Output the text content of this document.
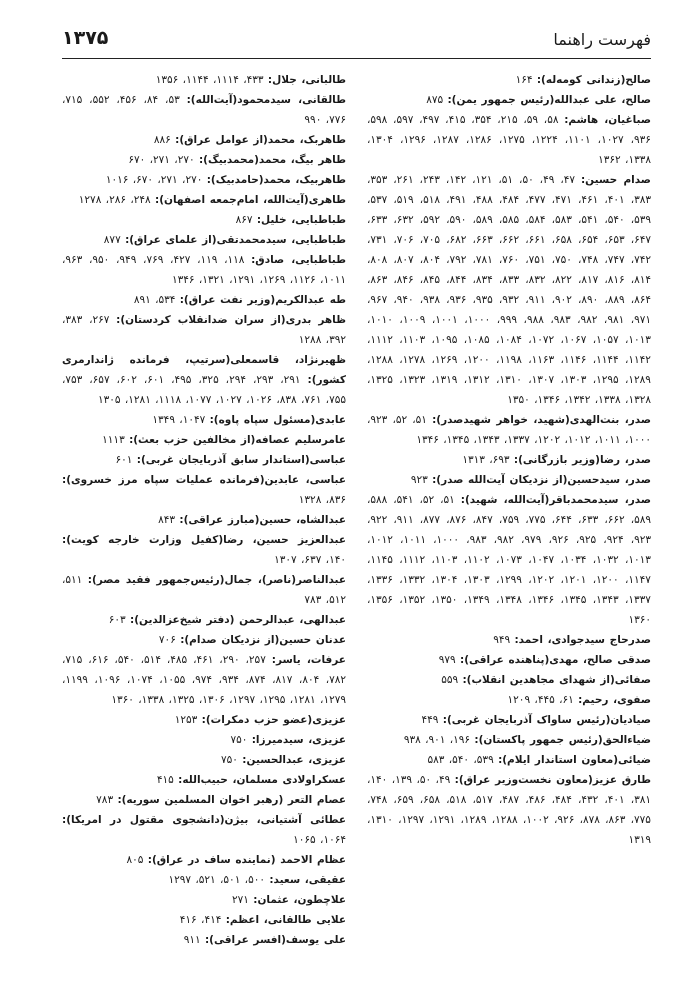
فهرست راهنما
۱۳۷۵

صالح(زندانی کومه‌له): ۱۶۴

صالح، علی عبدالله(رئیس جمهور یمن): ۸۷۵

صباغیان، هاشم: ۵۸، ۵۹، ۲۱۵، ۳۵۴، ۴۱۵، ۴۹۷، ۵۹۷، ۵۹۸، ۹۳۶، ۱۰۲۷، ۱۱۰۱، ۱۲۲۴، ۱۲۷۵، ۱۲۸۶، ۱۲۸۷، ۱۲۹۶، ۱۳۰۴، ۱۳۳۸، ۱۳۶۲

صدام حسین: ۴۷، ۴۹، ۵۰، ۵۱، ۱۲۱، ۱۴۲، ۲۴۳، ۲۶۱، ۳۵۳، ۳۸۳، ۴۰۱، ۴۶۱، ۴۷۱، ۴۷۷، ۴۸۴، ۴۸۸، ۴۹۱، ۵۱۸، ۵۱۹، ۵۳۷، ۵۳۹، ۵۴۰، ۵۴۱، ۵۸۳، ۵۸۴، ۵۸۵، ۵۸۹، ۵۹۰، ۵۹۲، ۶۳۲، ۶۳۳، ۶۴۷، ۶۵۳، ۶۵۴، ۶۵۸، ۶۶۱، ۶۶۲، ۶۶۳، ۶۸۲، ۷۰۵، ۷۰۶، ۷۳۱، ۷۴۲، ۷۴۷، ۷۴۸، ۷۵۰، ۷۵۱، ۷۶۰، ۷۸۱، ۷۹۲، ۸۰۴، ۸۰۷، ۸۰۸، ۸۱۴، ۸۱۶، ۸۱۷، ۸۲۲، ۸۳۲، ۸۳۳، ۸۳۴، ۸۴۴، ۸۴۵، ۸۴۶، ۸۶۳، ۸۶۴، ۸۸۹، ۸۹۰، ۹۰۲، ۹۱۱، ۹۳۲، ۹۳۵، ۹۳۶، ۹۳۸، ۹۴۰، ۹۶۷، ۹۷۱، ۹۸۱، ۹۸۲، ۹۸۳، ۹۸۸، ۹۹۹، ۱۰۰۰، ۱۰۰۱، ۱۰۰۹، ۱۰۱۰، ۱۰۱۳، ۱۰۵۷، ۱۰۶۷، ۱۰۷۲، ۱۰۸۴، ۱۰۸۵، ۱۰۹۵، ۱۱۰۳، ۱۱۱۲، ۱۱۴۲، ۱۱۴۴، ۱۱۴۶، ۱۱۶۳، ۱۱۹۸، ۱۲۰۰، ۱۲۶۹، ۱۲۷۸، ۱۲۸۸، ۱۲۸۹، ۱۲۹۵، ۱۳۰۳، ۱۳۰۷، ۱۳۱۰، ۱۳۱۲، ۱۳۱۹، ۱۳۲۳، ۱۳۲۵، ۱۳۲۸، ۱۳۳۸، ۱۳۴۲، ۱۳۴۶، ۱۳۵۰

صدر، بنت‌الهدی(شهید، خواهر شهیدصدر): ۵۱، ۵۲، ۹۲۳، ۱۰۰۰، ۱۰۱۱، ۱۰۱۲، ۱۲۰۲، ۱۳۳۷، ۱۳۴۳، ۱۳۴۵، ۱۳۴۶

صدر، رضا(وزیر بازرگانی): ۶۹۳، ۱۳۱۳

صدر، سیدحسین(از نزدیکان آیت‌الله صدر): ۹۲۳

صدر، سیدمحمدباقر(آیت‌الله، شهید): ۵۱، ۵۲، ۵۴۱، ۵۸۸، ۵۸۹، ۶۶۲، ۶۳۳، ۶۴۴، ۷۷۵، ۷۵۹، ۸۴۷، ۸۷۶، ۸۷۷، ۹۱۱، ۹۲۲، ۹۲۳، ۹۲۴، ۹۲۵، ۹۲۶، ۹۷۹، ۹۸۲، ۹۸۳، ۱۰۰۰، ۱۰۱۱، ۱۰۱۲، ۱۰۱۳، ۱۰۳۲، ۱۰۳۴، ۱۰۴۷، ۱۰۷۳، ۱۱۰۲، ۱۱۰۳، ۱۱۱۲، ۱۱۴۵، ۱۱۴۷، ۱۲۰۰، ۱۲۰۱، ۱۲۰۲، ۱۲۹۹، ۱۳۰۳، ۱۳۰۴، ۱۳۳۲، ۱۳۳۶، ۱۳۳۷، ۱۳۴۳، ۱۳۴۵، ۱۳۴۶، ۱۳۴۸، ۱۳۴۹، ۱۳۵۰، ۱۳۵۲، ۱۳۵۶، ۱۳۶۰

صدرحاج سیدجوادی، احمد: ۹۴۹

صدقی صالح، مهدی(پناهنده عراقی): ۹۷۹

صفائی(از شهدای مجاهدین انقلاب): ۵۵۹

صفوی، رحیم: ۶۱، ۴۴۵، ۱۲۰۹

صیادیان(رئیس ساواک آذربایجان غربی): ۴۴۹

ضیاءالحق(رئیس جمهور پاکستان): ۱۹۶، ۹۰۱، ۹۳۸

ضیائی(معاون استاندار ایلام): ۵۳۹، ۵۴۰، ۵۸۳

طارق عزیز(معاون نخست‌وزیر عراق): ۴۹، ۵۰، ۱۳۹، ۱۴۰، ۳۸۱، ۴۰۱، ۴۳۲، ۴۸۴، ۴۸۶، ۴۸۷، ۵۱۷، ۵۱۸، ۶۵۸، ۶۵۹، ۷۴۸، ۷۷۵، ۸۶۳، ۸۷۸، ۹۲۶، ۱۰۰۲، ۱۲۸۸، ۱۲۸۹، ۱۲۹۱، ۱۲۹۷، ۱۳۱۰، ۱۳۱۹

طالبانی، جلال: ۴۳۳، ۱۱۱۴، ۱۱۴۴، ۱۳۵۶

طالقانی، سیدمحمود(آیت‌الله): ۵۳، ۸۴، ۴۵۶، ۵۵۲، ۷۱۵، ۷۷۶، ۹۹۰

طاهربک، محمد(از عوامل عراق): ۸۸۶

طاهر بیگ، محمد(محمدبیگ): ۲۷۰، ۲۷۱، ۶۷۰

طاهربیک، محمد(حامدبیک): ۲۷۰، ۲۷۱، ۶۷۰، ۱۰۱۶

طاهری(آیت‌الله، امام‌جمعه اصفهان): ۲۴۸، ۲۸۶، ۱۲۷۸

طباطبایی، خلیل: ۸۶۷

طباطبایی، سیدمحمدتقی(از علمای عراق): ۸۷۷

طباطبایی، صادق: ۱۱۸، ۱۱۹، ۴۲۷، ۷۶۹، ۹۴۹، ۹۵۰، ۹۶۳، ۱۰۱۱، ۱۱۲۶، ۱۲۶۹، ۱۲۹۱، ۱۳۲۱، ۱۳۴۶

طه عبدالکریم(وزیر نفت عراق): ۵۳۴، ۸۹۱

ظاهر بدری(از سران ضدانقلاب کردستان): ۲۶۷، ۳۸۳، ۳۹۲، ۱۲۸۸

ظهیرنژاد، قاسمعلی(سرتیپ، فرمانده ژاندارمری کشور): ۲۹۱، ۲۹۳، ۲۹۴، ۳۲۵، ۴۹۵، ۶۰۱، ۶۰۲، ۶۵۷، ۷۵۳، ۷۵۵، ۷۶۱، ۸۳۸، ۱۰۲۶، ۱۰۲۷، ۱۰۷۷، ۱۱۱۸، ۱۲۸۱، ۱۳۰۵

عابدی(مسئول سپاه پاوه): ۱۰۴۷، ۱۳۴۹

عامرسلیم عصافه(از مخالفین حزب بعث): ۱۱۱۳

عباسی(استاندار سابق آذربایجان غربی): ۶۰۱

عباسی، عابدین(فرمانده عملیات سپاه مرز خسروی): ۸۳۶، ۱۳۲۸

عبدالشاه، حسین(مبارز عراقی): ۸۴۳

عبدالعزیز حسین، رضا(کفیل وزارت خارجه کویت): ۱۴۰، ۶۳۷، ۱۳۰۷

عبدالناصر(ناصر)، جمال(رئیس‌جمهور فقید مصر): ۵۱۱، ۵۱۲، ۷۸۳

عبدالهی، عبدالرحمن (دفتر شیخ‌عزالدین): ۶۰۳

عدنان حسین(از نزدیکان صدام): ۷۰۶

عرفات، یاسر: ۲۵۷، ۲۹۰، ۴۶۱، ۴۸۵، ۵۱۴، ۵۴۰، ۶۱۶، ۷۱۵، ۷۸۲، ۸۰۴، ۸۱۷، ۸۷۴، ۹۳۴، ۹۷۴، ۱۰۵۵، ۱۰۷۴، ۱۰۹۶، ۱۱۹۹، ۱۲۷۹، ۱۲۸۱، ۱۲۹۵، ۱۲۹۷، ۱۳۰۶، ۱۳۲۵، ۱۳۳۸، ۱۳۶۰

عزیزی(عضو حزب دمکرات): ۱۲۵۳

عزیزی، سیدمیرزا: ۷۵۰

عزیزی، عبدالحسین: ۷۵۰

عسکراولادی مسلمان، حبیب‌الله: ۴۱۵

عصام التعر (رهبر اخوان المسلمین سوریه): ۷۸۳

عطائی آشتیانی، بیژن(دانشجوی مقتول در امریکا): ۱۰۶۴، ۱۰۶۵

عظام الاحمد (نماینده ساف در عراق): ۸۰۵

عقیقی، سعید: ۵۰۰، ۵۰۱، ۵۲۱، ۱۲۹۷

علاچطون، عثمان: ۲۷۱

علایی طالقانی، اعظم: ۴۱۴، ۴۱۶

علی یوسف(افسر عراقی): ۹۱۱
